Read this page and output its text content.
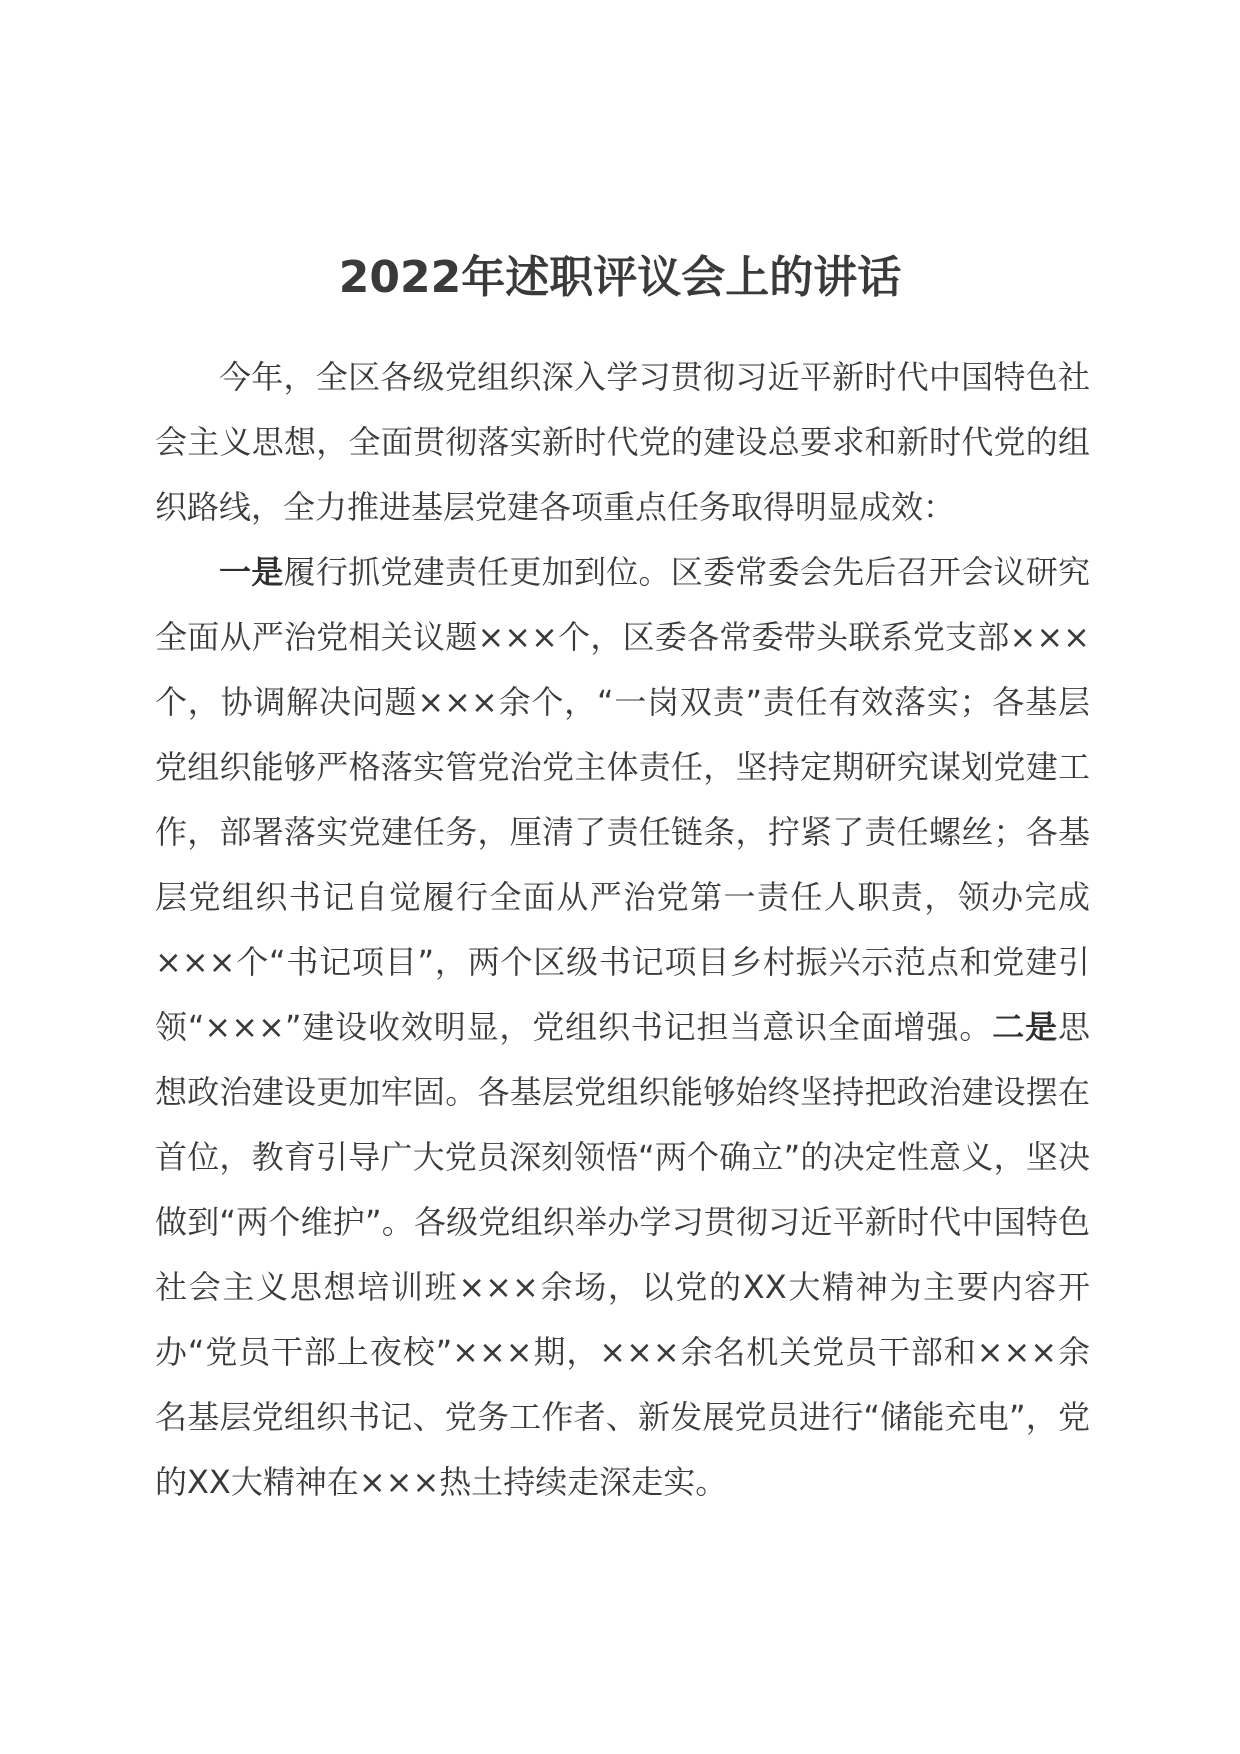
2022年述职评议会上的讲话

今年，全区各级党组织深入学习贯彻习近平新时代中国特色社会主义思想，全面贯彻落实新时代党的建设总要求和新时代党的组织路线，全力推进基层党建各项重点任务取得明显成效：

一是履行抓党建责任更加到位。区委常委会先后召开会议研究全面从严治党相关议题×××个，区委各常委带头联系党支部×××个，协调解决问题×××余个，“一岗双责”责任有效落实；各基层党组织能够严格落实管党治党主体责任，坚持定期研究谋划党建工作，部署落实党建任务，厘清了责任链条，拧紧了责任螺丝；各基层党组织书记自觉履行全面从严治党第一责任人职责，领办完成×××个“书记项目”，两个区级书记项目乡村振兴示范点和党建引领“×××”建设收效明显，党组织书记担当意识全面增强。二是思想政治建设更加牢固。各基层党组织能够始终坚持把政治建设摆在首位，教育引导广大党员深刻领悟“两个确立”的决定性意义，坚决做到“两个维护”。各级党组织举办学习贯彻习近平新时代中国特色社会主义思想培训班×××余场，以党的XX大精神为主要内容开办“党员干部上夜校”×××期，×××余名机关党员干部和×××余名基层党组织书记、党务工作者、新发展党员进行“储能充电”，党的XX大精神在×××热土持续走深走实。
